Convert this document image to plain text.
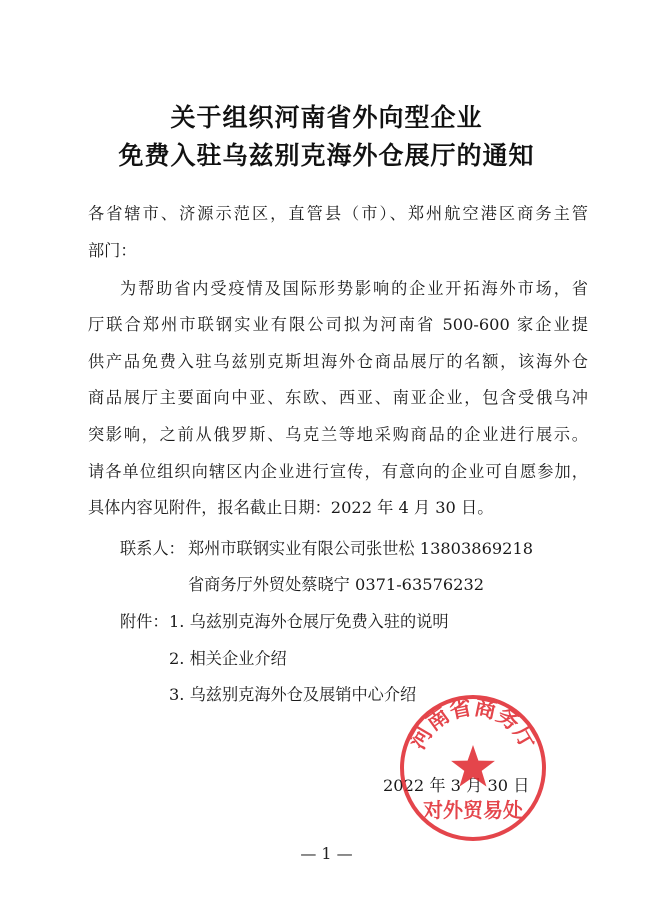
关于组织河南省外向型企业
免费入驻乌兹别克海外仓展厅的通知
各省辖市、济源示范区，直管县（市）、郑州航空港区商务主管
部门：
为帮助省内受疫情及国际形势影响的企业开拓海外市场，省
厅联合郑州市联钢实业有限公司拟为河南省 500-600 家企业提
供产品免费入驻乌兹别克斯坦海外仓商品展厅的名额，该海外仓
商品展厅主要面向中亚、东欧、西亚、南亚企业，包含受俄乌冲
突影响，之前从俄罗斯、乌克兰等地采购商品的企业进行展示。
请各单位组织向辖区内企业进行宣传，有意向的企业可自愿参加，
具体内容见附件，报名截止日期：2022 年 4 月 30 日。
联系人： 郑州市联钢实业有限公司张世松 13803869218
省商务厅外贸处蔡晓宁 0371-63576232
附件： 1. 乌兹别克海外仓展厅免费入驻的说明
2. 相关企业介绍
3. 乌兹别克海外仓及展销中心介绍
2022 年 3 月 30 日
河南省商务厅
对外贸易处
— 1 —
